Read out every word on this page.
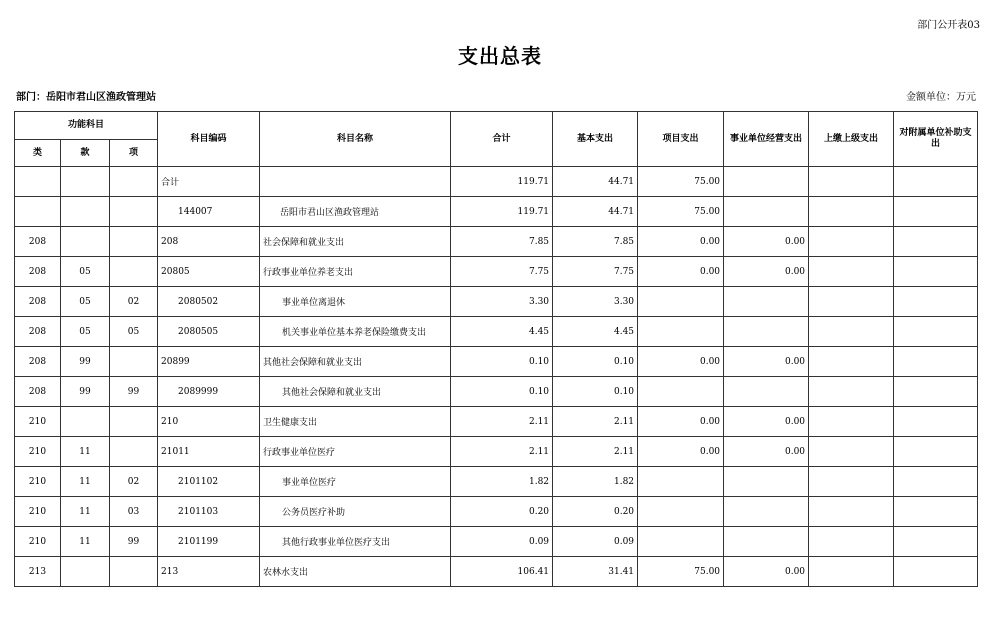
部门公开表03
支出总表
部门：岳阳市君山区渔政管理站	金额单位：万元
功能科目			科目编码	科目名称	合计	基本支出	项目支出	事业单位经营支出	上缴上级支出	对附属单位补助支出
类	款	项								
			合计		119.71	44.71	75.00			
			144007	岳阳市君山区渔政管理站	119.71	44.71	75.00			
208			208	社会保障和就业支出	7.85	7.85	0.00	0.00		
208	05		20805	行政事业单位养老支出	7.75	7.75	0.00	0.00		
208	05	02	2080502	事业单位离退休	3.30	3.30				
208	05	05	2080505	机关事业单位基本养老保险缴费支出	4.45	4.45				
208	99		20899	其他社会保障和就业支出	0.10	0.10	0.00	0.00		
208	99	99	2089999	其他社会保障和就业支出	0.10	0.10				
210			210	卫生健康支出	2.11	2.11	0.00	0.00		
210	11		21011	行政事业单位医疗	2.11	2.11	0.00	0.00		
210	11	02	2101102	事业单位医疗	1.82	1.82				
210	11	03	2101103	公务员医疗补助	0.20	0.20				
210	11	99	2101199	其他行政事业单位医疗支出	0.09	0.09				
213			213	农林水支出	106.41	31.41	75.00	0.00		
